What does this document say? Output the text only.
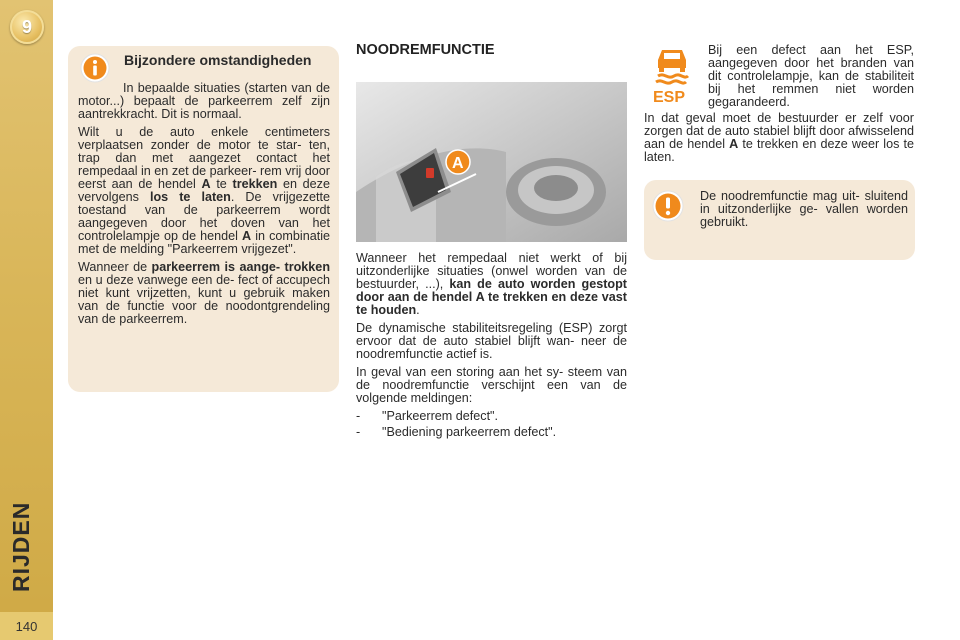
9
140
Bijzondere omstandigheden

In bepaalde situaties (starten van de motor...) bepaalt de parkeerrem zelf zijn aantrekkracht. Dit is normaal.

Wilt u de auto enkele centimeters verplaatsen zonder de motor te star- ten, trap dan met aangezet contact het rempedaal in en zet de parkeer- rem vrij door eerst aan de hendel A te trekken en deze vervolgens los te laten. De vrijgezette toestand van de parkeerrem wordt aangegeven door het doven van het controlelampje op de hendel A in combinatie met de melding "Parkeerrem vrijgezet".

Wanneer de parkeerrem is aange- trokken en u deze vanwege een de- fect of accupech niet kunt vrijzetten, kunt u gebruik maken van de functie voor de noodontgrendeling van de parkeerrem.

NOODREMFUNCTIE
A

Wanneer het rempedaal niet werkt of bij uitzonderlijke situaties (onwel worden van de bestuurder, ...), kan de auto worden gestopt door aan de hendel A te trekken en deze vast te houden.

De dynamische stabiliteitsregeling (ESP) zorgt ervoor dat de auto stabiel blijft wan- neer de noodremfunctie actief is.

In geval van een storing aan het sy- steem van de noodremfunctie verschijnt een van de volgende meldingen:

-	"Parkeerrem defect".
-	"Bediening parkeerrem defect".
ESP

Bij een defect aan het ESP, aangegeven door het branden van dit controlelampje, kan de stabiliteit bij het remmen niet worden gegarandeerd.

In dat geval moet de bestuurder er zelf voor zorgen dat de auto stabiel blijft door afwisselend aan de hendel A te trekken en deze weer los te laten.

De noodremfunctie mag uit- sluitend in uitzonderlijke ge- vallen worden gebruikt.
